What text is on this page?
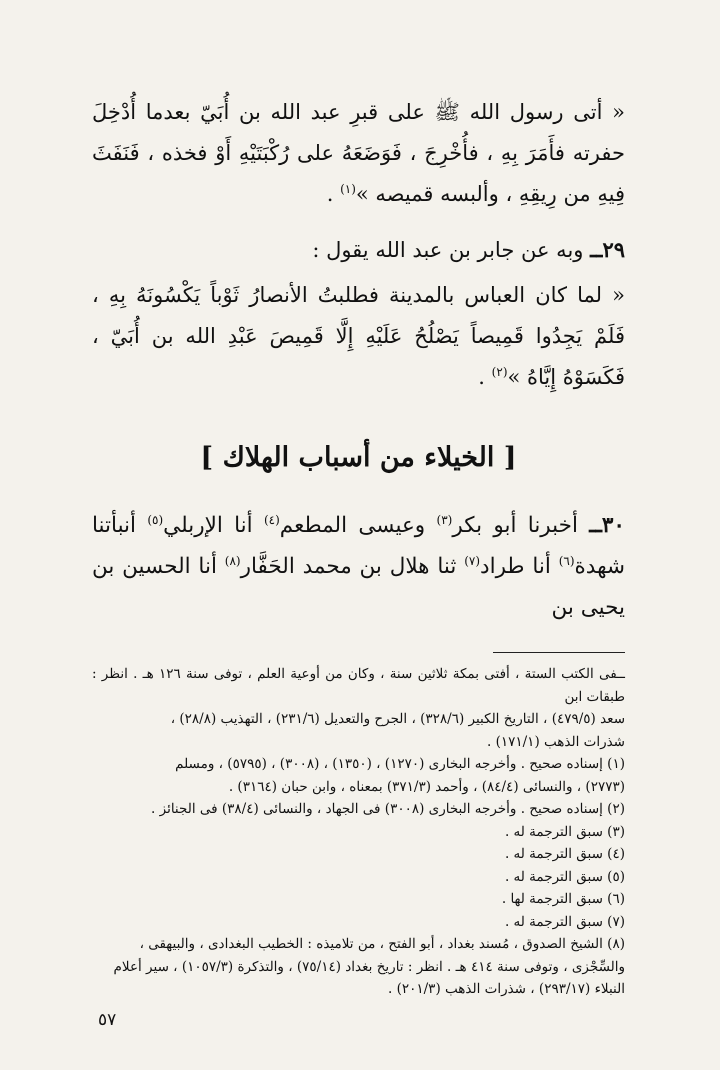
« أتى رسول الله ﷺ على قبرِ عبد الله بن أُبَيّ بعدما أُدْخِلَ حفرته فأَمَرَ بِهِ ، فأُخْرِجَ ، فَوَضَعَهُ على رُكْبَتَيْهِ أَوْ فخذه ، فَنَفَثَ فِيهِ من رِيقِهِ ، وألبسه قميصه »$^{(١)}$ .

٢٩ــ وبه عن جابر بن عبد الله يقول :

« لما كان العباس بالمدينة فطلبتُ الأنصارُ ثَوْباً يَكْسُونَهُ بِهِ ، فَلَمْ يَجِدُوا قَمِيصاً يَصْلُحُ عَلَيْهِ إِلَّا قَمِيصَ عَبْدِ الله بن أُبَيّ ، فَكَسَوْهُ إِيَّاهُ »$^{(٢)}$ .

[ الخيلاء من أسباب الهلاك ]

٣٠ــ أخبرنا أبو بكر$^{(٣)}$ وعيسى المطعم$^{(٤)}$ أنا الإربلي$^{(٥)}$ أنبأتنا شهدة$^{(٦)}$ أنا طراد$^{(٧)}$ ثنا هلال بن محمد الحَفَّار$^{(٨)}$ أنا الحسين بن يحيى بن

ــفى الكتب الستة ، أفتى بمكة ثلاثين سنة ، وكان من أوعية العلم ، توفى سنة ١٢٦ هـ . انظر : طبقات ابن

سعد (٤٧٩/٥) ، التاريخ الكبير (٣٢٨/٦) ، الجرح والتعديل (٢٣١/٦) ، التهذيب (٢٨/٨) ،

شذرات الذهب (١٧١/١) .

(١) إسناده صحيح . وأخرجه البخارى (١٢٧٠) ، (١٣٥٠) ، (٣٠٠٨) ، (٥٧٩٥) ، ومسلم

(٢٧٧٣) ، والنسائى (٨٤/٤) ، وأحمد (٣٧١/٣) بمعناه ، وابن حبان (٣١٦٤) .

(٢) إسناده صحيح . وأخرجه البخارى (٣٠٠٨) فى الجهاد ، والنسائى (٣٨/٤) فى الجنائز .

(٣) سبق الترجمة له .

(٤) سبق الترجمة له .

(٥) سبق الترجمة له .

(٦) سبق الترجمة لها .

(٧) سبق الترجمة له .

(٨) الشيخ الصدوق ، مُسند بغداد ، أبو الفتح ، من تلاميذه : الخطيب البغدادى ، والبيهقى ،

والسِّجْزى ، وتوفى سنة ٤١٤ هـ . انظر : تاريخ بغداد (٧٥/١٤) ، والتذكرة (١٠٥٧/٣) ، سير أعلام

النبلاء (٢٩٣/١٧) ، شذرات الذهب (٢٠١/٣) .

٥٧
